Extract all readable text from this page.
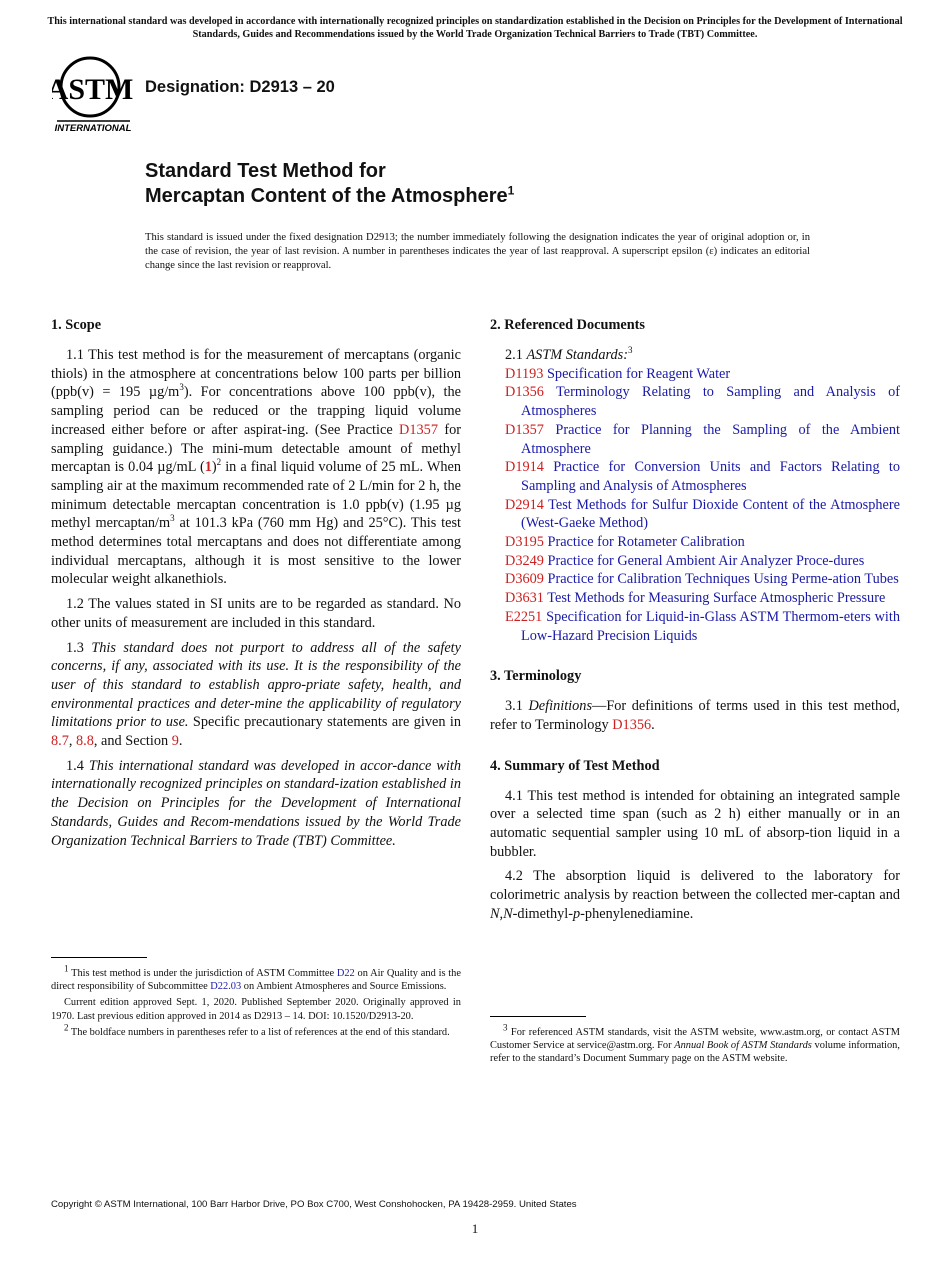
This international standard was developed in accordance with internationally recognized principles on standardization established in the Decision on Principles for the Development of International Standards, Guides and Recommendations issued by the World Trade Organization Technical Barriers to Trade (TBT) Committee.
ASTM
INTERNATIONAL
Designation: D2913 – 20
Standard Test Method for
Mercaptan Content of the Atmosphere$^1$
This standard is issued under the fixed designation D2913; the number immediately following the designation indicates the year of original adoption or, in the case of revision, the year of last revision. A number in parentheses indicates the year of last reapproval. A superscript epsilon (ε) indicates an editorial change since the last revision or reapproval.
1. Scope

1.1 This test method is for the measurement of mercaptans (organic thiols) in the atmosphere at concentrations below 100 parts per billion (ppb(v) = 195 $\mu g/m^3$). For concentrations above 100 ppb(v), the sampling period can be reduced or the trapping liquid volume increased either before or after aspirat-ing. (See Practice D1357 for sampling guidance.) The mini-mum detectable amount of methyl mercaptan is 0.04 µg/mL $(1)^2$ in a final liquid volume of 25 mL. When sampling air at the maximum recommended rate of 2 L/min for 2 h, the minimum detectable mercaptan concentration is 1.0 ppb(v) (1.95 µg methyl mercaptan/$m^3$ at 101.3 kPa (760 mm Hg) and 25°C). This test method determines total mercaptans and does not differentiate among individual mercaptans, although it is most sensitive to the lower molecular weight alkanethiols.

1.2 The values stated in SI units are to be regarded as standard. No other units of measurement are included in this standard.

1.3 This standard does not purport to address all of the safety concerns, if any, associated with its use. It is the responsibility of the user of this standard to establish appro-priate safety, health, and environmental practices and deter-mine the applicability of regulatory limitations prior to use. Specific precautionary statements are given in 8.7, 8.8, and Section 9.

1.4 This international standard was developed in accor-dance with internationally recognized principles on standard-ization established in the Decision on Principles for the Development of International Standards, Guides and Recom-mendations issued by the World Trade Organization Technical Barriers to Trade (TBT) Committee.

$^1$ This test method is under the jurisdiction of ASTM Committee D22 on Air Quality and is the direct responsibility of Subcommittee D22.03 on Ambient Atmospheres and Source Emissions.

Current edition approved Sept. 1, 2020. Published September 2020. Originally approved in 1970. Last previous edition approved in 2014 as D2913 – 14. DOI: 10.1520/D2913-20.

$^2$ The boldface numbers in parentheses refer to a list of references at the end of this standard.

2. Referenced Documents
2.1 ASTM Standards:$^3$
D1193 Specification for Reagent Water
D1356 Terminology Relating to Sampling and Analysis of Atmospheres
D1357 Practice for Planning the Sampling of the Ambient Atmosphere
D1914 Practice for Conversion Units and Factors Relating to Sampling and Analysis of Atmospheres
D2914 Test Methods for Sulfur Dioxide Content of the Atmosphere (West-Gaeke Method)
D3195 Practice for Rotameter Calibration
D3249 Practice for General Ambient Air Analyzer Proce-dures
D3609 Practice for Calibration Techniques Using Perme-ation Tubes
D3631 Test Methods for Measuring Surface Atmospheric Pressure
E2251 Specification for Liquid-in-Glass ASTM Thermom-eters with Low-Hazard Precision Liquids
3. Terminology

3.1 Definitions—For definitions of terms used in this test method, refer to Terminology D1356.

4. Summary of Test Method

4.1 This test method is intended for obtaining an integrated sample over a selected time span (such as 2 h) either manually or in an automatic sequential sampler using 10 mL of absorp-tion liquid in a bubbler.

4.2 The absorption liquid is delivered to the laboratory for colorimetric analysis by reaction between the collected mer-captan and N,N-dimethyl-p-phenylenediamine.

$^3$ For referenced ASTM standards, visit the ASTM website, www.astm.org, or contact ASTM Customer Service at service@astm.org. For Annual Book of ASTM Standards volume information, refer to the standard’s Document Summary page on the ASTM website.

Copyright © ASTM International, 100 Barr Harbor Drive, PO Box C700, West Conshohocken, PA 19428-2959. United States
1
